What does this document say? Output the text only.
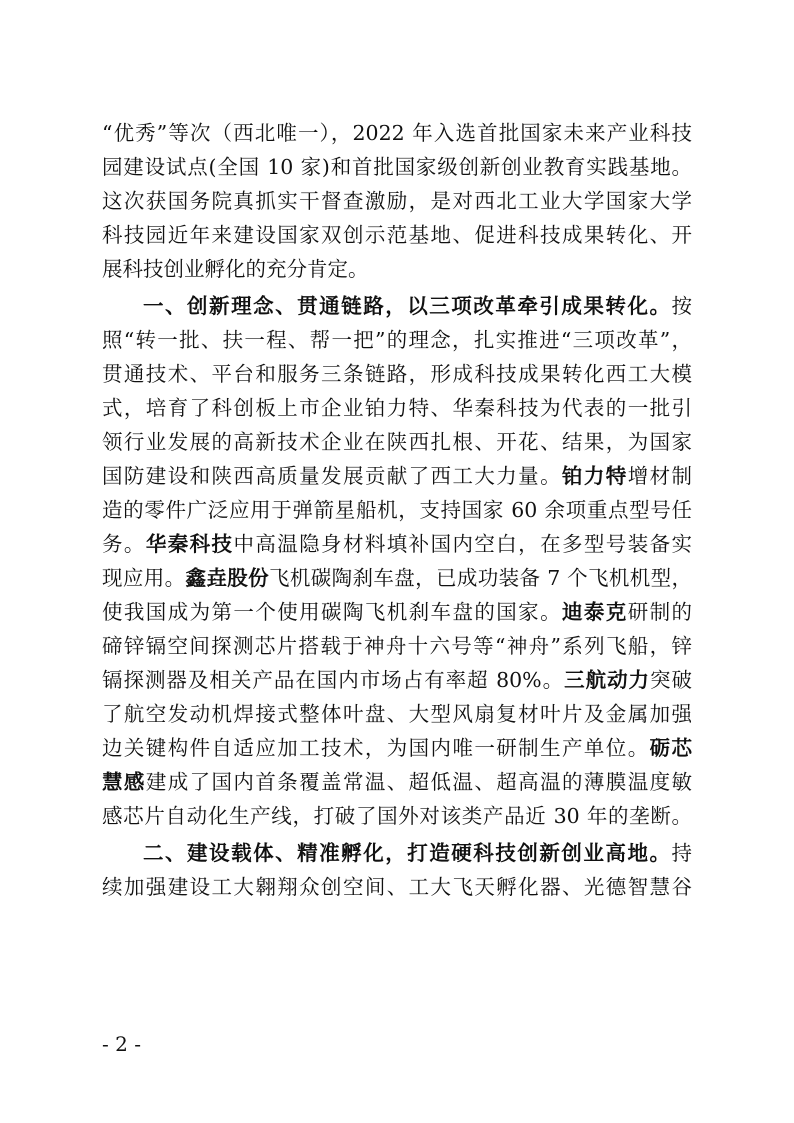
“优秀”等次（西北唯一），2022 年入选首批国家未来产业科技
园建设试点(全国 10 家)和首批国家级创新创业教育实践基地。
这次获国务院真抓实干督查激励，是对西北工业大学国家大学
科技园近年来建设国家双创示范基地、促进科技成果转化、开
展科技创业孵化的充分肯定。
一、创新理念、贯通链路，以三项改革牵引成果转化。按
照“转一批、扶一程、帮一把”的理念，扎实推进“三项改革”，
贯通技术、平台和服务三条链路，形成科技成果转化西工大模
式，培育了科创板上市企业铂力特、华秦科技为代表的一批引
领行业发展的高新技术企业在陕西扎根、开花、结果，为国家
国防建设和陕西高质量发展贡献了西工大力量。铂力特增材制
造的零件广泛应用于弹箭星船机，支持国家 60 余项重点型号任
务。华秦科技中高温隐身材料填补国内空白，在多型号装备实
现应用。鑫垚股份飞机碳陶刹车盘，已成功装备 7 个飞机机型，
使我国成为第一个使用碳陶飞机刹车盘的国家。迪泰克研制的
碲锌镉空间探测芯片搭载于神舟十六号等“神舟”系列飞船，锌
镉探测器及相关产品在国内市场占有率超 80%。三航动力突破
了航空发动机焊接式整体叶盘、大型风扇复材叶片及金属加强
边关键构件自适应加工技术，为国内唯一研制生产单位。砺芯
慧感建成了国内首条覆盖常温、超低温、超高温的薄膜温度敏
感芯片自动化生产线，打破了国外对该类产品近 30 年的垄断。
二、建设载体、精准孵化，打造硬科技创新创业高地。持
续加强建设工大翱翔众创空间、工大飞天孵化器、光德智慧谷
- 2 -
